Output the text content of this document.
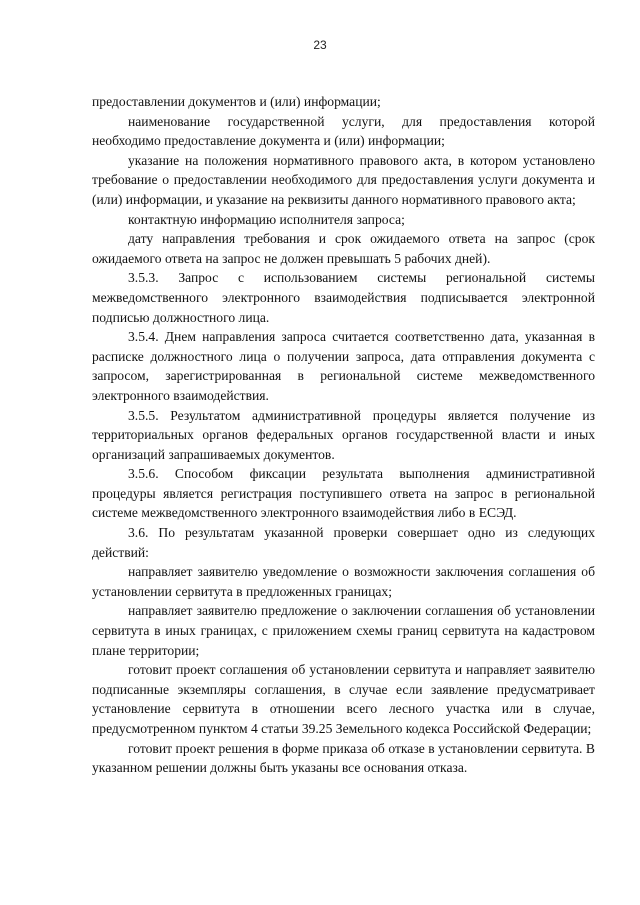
23

предоставлении документов и (или) информации;

наименование государственной услуги, для предоставления которой необходимо предоставление документа и (или) информации;

указание на положения нормативного правового акта, в котором установлено требование о предоставлении необходимого для предоставления услуги документа и (или) информации, и указание на реквизиты данного нормативного правового акта;

контактную информацию исполнителя запроса;

дату направления требования и срок ожидаемого ответа на запрос (срок ожидаемого ответа на запрос не должен превышать 5 рабочих дней).

3.5.3. Запрос с использованием системы региональной системы межведомственного электронного взаимодействия подписывается электронной подписью должностного лица.

3.5.4. Днем направления запроса считается соответственно дата, указанная в расписке должностного лица о получении запроса, дата отправления документа с запросом, зарегистрированная в региональной системе межведомственного электронного взаимодействия.

3.5.5. Результатом административной процедуры является получение из территориальных органов федеральных органов государственной власти и иных организаций запрашиваемых документов.

3.5.6. Способом фиксации результата выполнения административной процедуры является регистрация поступившего ответа на запрос в региональной системе межведомственного электронного взаимодействия либо в ЕСЭД.

3.6. По результатам указанной проверки совершает одно из следующих действий:

направляет заявителю уведомление о возможности заключения соглашения об установлении сервитута в предложенных границах;

направляет заявителю предложение о заключении соглашения об установлении сервитута в иных границах, с приложением схемы границ сервитута на кадастровом плане территории;

готовит проект соглашения об установлении сервитута и направляет заявителю подписанные экземпляры соглашения, в случае если заявление предусматривает установление сервитута в отношении всего лесного участка или в случае, предусмотренном пунктом 4 статьи 39.25 Земельного кодекса Российской Федерации;

готовит проект решения в форме приказа об отказе в установлении сервитута. В указанном решении должны быть указаны все основания отказа.
